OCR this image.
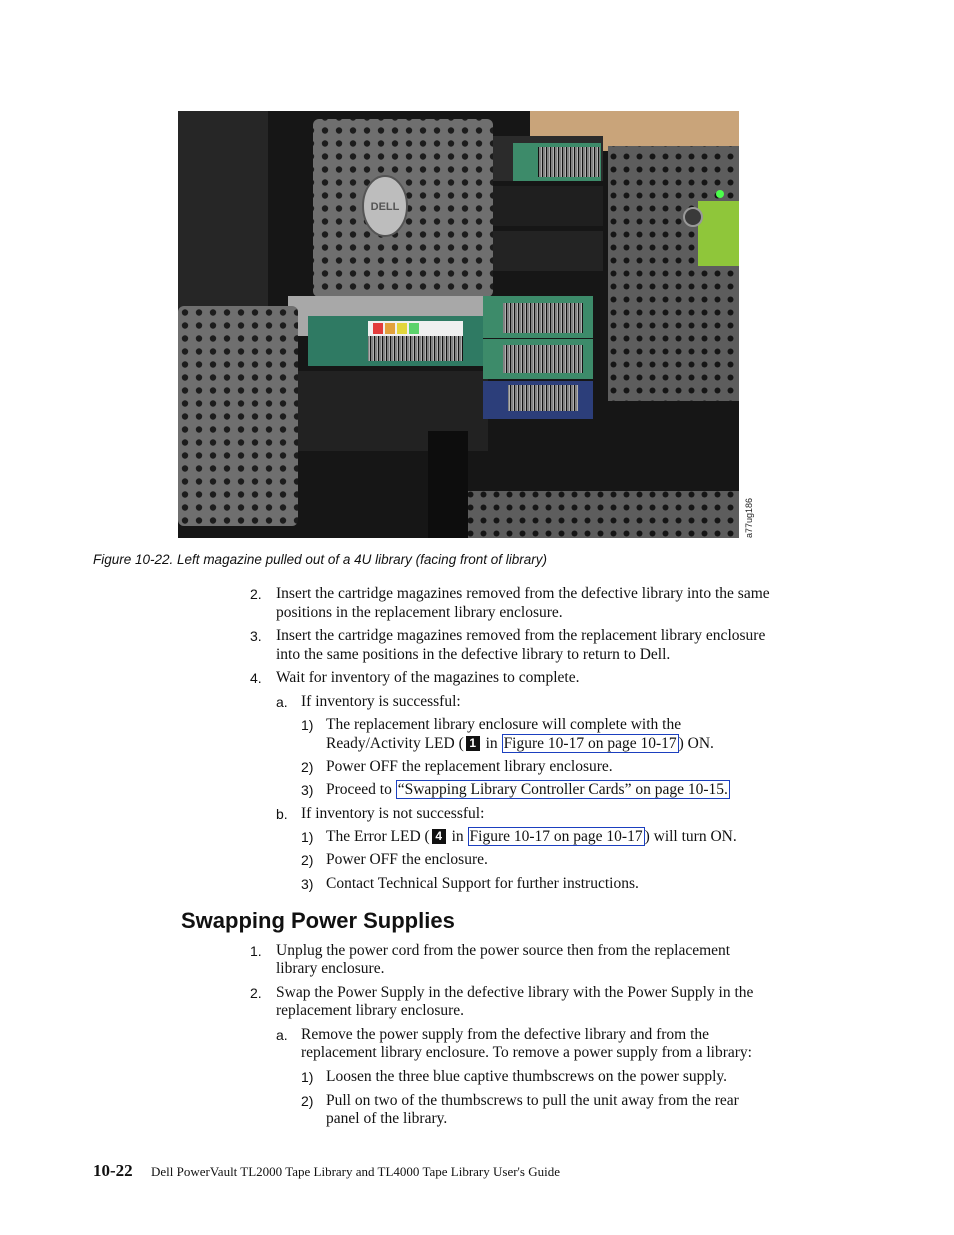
DELL
a77ug186
Figure 10-22. Left magazine pulled out of a 4U library (facing front of library)
2. Insert the cartridge magazines removed from the defective library into the same
positions in the replacement library enclosure.
3. Insert the cartridge magazines removed from the replacement library enclosure
into the same positions in the defective library to return to Dell.
4. Wait for inventory of the magazines to complete.
a. If inventory is successful:
1) The replacement library enclosure will complete with the
Ready/Activity LED ( 1 in Figure 10-17 on page 10-17 ) ON.
2) Power OFF the replacement library enclosure.
3) Proceed to “Swapping Library Controller Cards” on page 10-15.
b. If inventory is not successful:
1) The Error LED ( 4 in Figure 10-17 on page 10-17 ) will turn ON.
2) Power OFF the enclosure.
3) Contact Technical Support for further instructions.
Swapping Power Supplies
1. Unplug the power cord from the power source then from the replacement
library enclosure.
2. Swap the Power Supply in the defective library with the Power Supply in the
replacement library enclosure.
a. Remove the power supply from the defective library and from the
replacement library enclosure. To remove a power supply from a library:
1) Loosen the three blue captive thumbscrews on the power supply.
2) Pull on two of the thumbscrews to pull the unit away from the rear
panel of the library.
10-22 Dell PowerVault TL2000 Tape Library and TL4000 Tape Library User's Guide
